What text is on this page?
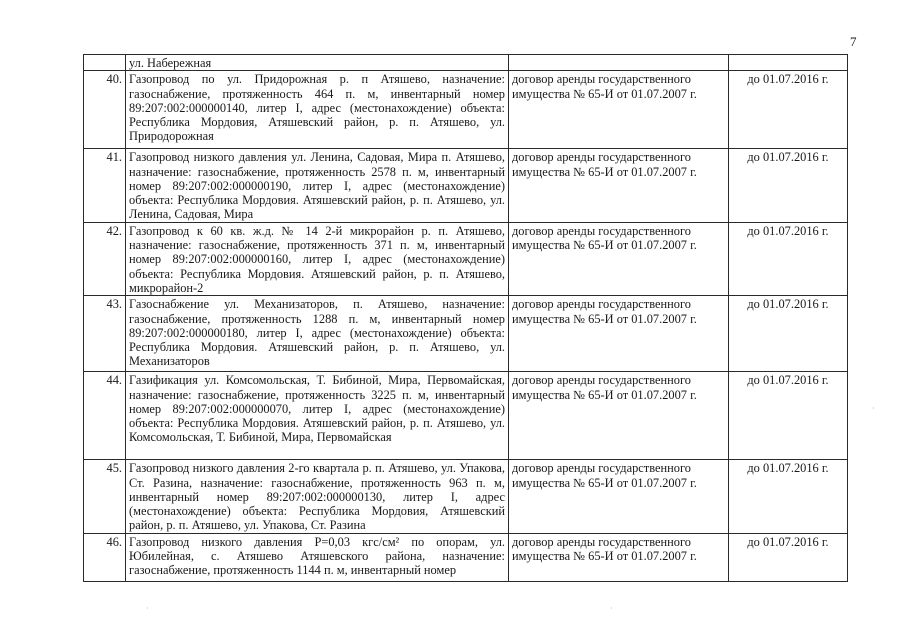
7
	ул. Набережная		
40.	Газопровод по ул. Придорожная р. п Атяшево, назначение: газоснабжение, протяженность 464 п. м, инвентарный номер 89:207:002:000000140, литер I, адрес (местонахождение) объекта: Республика Мордовия, Атяшевский район, р. п. Атяшево, ул. Природорожная	договор аренды государственного имущества № 65-И от 01.07.2007 г.	до 01.07.2016 г.
41.	Газопровод низкого давления ул. Ленина, Садовая, Мира п. Атяшево, назначение: газоснабжение, протяженность 2578 п. м, инвентарный номер 89:207:002:000000190, литер I, адрес (местонахождение) объекта: Республика Мордовия. Атяшевский район, р. п. Атяшево, ул. Ленина, Садовая, Мира	договор аренды государственного имущества № 65-И от 01.07.2007 г.	до 01.07.2016 г.
42.	Газопровод к 60 кв. ж.д. № 14 2-й микрорайон р. п. Атяшево, назначение: газоснабжение, протяженность 371 п. м, инвентарный номер 89:207:002:000000160, литер I, адрес (местонахождение) объекта: Республика Мордовия. Атяшевский район, р. п. Атяшево, микрорайон-2	договор аренды государственного имущества № 65-И от 01.07.2007 г.	до 01.07.2016 г.
43.	Газоснабжение ул. Механизаторов, п. Атяшево, назначение: газоснабжение, протяженность 1288 п. м, инвентарный номер 89:207:002:000000180, литер I, адрес (местонахождение) объекта: Республика Мордовия. Атяшевский район, р. п. Атяшево, ул. Механизаторов	договор аренды государственного имущества № 65-И от 01.07.2007 г.	до 01.07.2016 г.
44.	Газификация ул. Комсомольская, Т. Бибиной, Мира, Первомайская, назначение: газоснабжение, протяженность 3225 п. м, инвентарный номер 89:207:002:000000070, литер I, адрес (местонахождение) объекта: Республика Мордовия. Атяшевский район, р. п. Атяшево, ул. Комсомольская, Т. Бибиной, Мира, Первомайская	договор аренды государственного имущества № 65-И от 01.07.2007 г.	до 01.07.2016 г.
45.	Газопровод низкого давления 2-го квартала р. п. Атяшево, ул. Упакова, Ст. Разина, назначение: газоснабжение, протяженность 963 п. м, инвентарный номер 89:207:002:000000130, литер I, адрес (местонахождение) объекта: Республика Мордовия, Атяшевский район, р. п. Атяшево, ул. Упакова, Ст. Разина	договор аренды государственного имущества № 65-И от 01.07.2007 г.	до 01.07.2016 г.
46.	Газопровод низкого давления Р=0,03 кгс/см² по опорам, ул. Юбилейная, с. Атяшево Атяшевского района, назначение: газоснабжение, протяженность 1144 п. м, инвентарный номер	договор аренды государственного имущества № 65-И от 01.07.2007 г.	до 01.07.2016 г.
·
·	·
